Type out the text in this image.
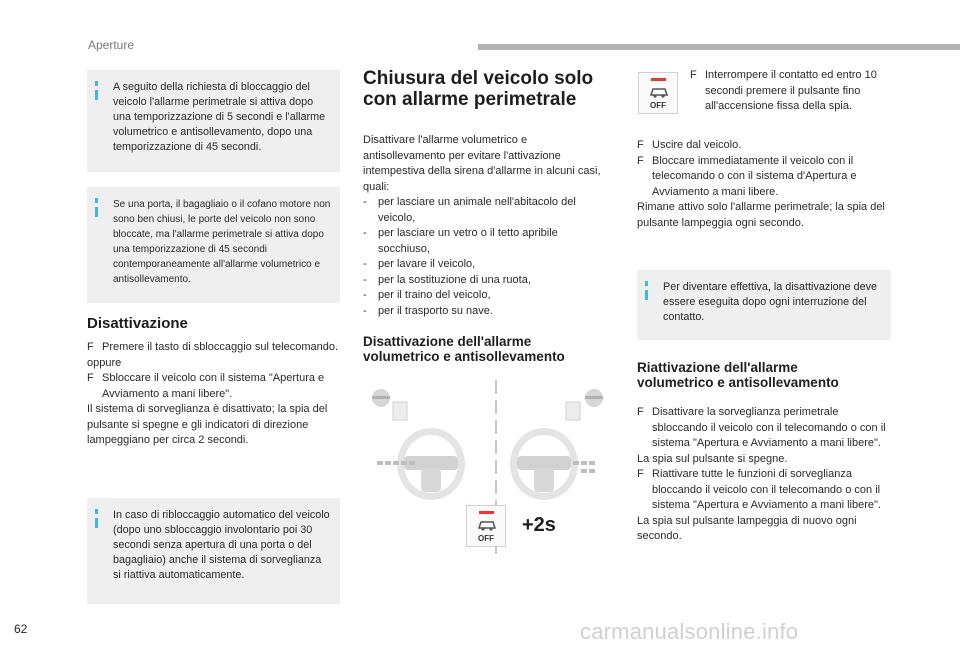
Aperture
A seguito della richiesta di bloccaggio del veicolo l'allarme perimetrale si attiva dopo una temporizzazione di 5 secondi e l'allarme volumetrico e antisollevamento, dopo una temporizzazione di 45 secondi.
Se una porta, il bagagliaio o il cofano motore non sono ben chiusi, le porte del veicolo non sono bloccate, ma l'allarme perimetrale si attiva dopo una temporizzazione di 45 secondi contemporaneamente all'allarme volumetrico e antisollevamento.
Disattivazione
F Premere il tasto di sbloccaggio sul telecomando.

oppure

F Sbloccare il veicolo con il sistema "Apertura e Avviamento a mani libere".

Il sistema di sorveglianza è disattivato; la spia del pulsante si spegne e gli indicatori di direzione lampeggiano per circa 2 secondi.

In caso di ribloccaggio automatico del veicolo (dopo uno sbloccaggio involontario poi 30 secondi senza apertura di una porta o del bagagliaio) anche il sistema di sorveglianza si riattiva automaticamente.
Chiusura del veicolo solo
con allarme perimetrale

Disattivare l'allarme volumetrico e antisollevamento per evitare l'attivazione intempestiva della sirena d'allarme in alcuni casi, quali:

- per lasciare un animale nell'abitacolo del veicolo,
- per lasciare un vetro o il tetto apribile socchiuso,
- per lavare il veicolo,
- per la sostituzione di una ruota,
- per il traino del veicolo,
- per il trasporto su nave.
Disattivazione dell'allarme
volumetrico e antisollevamento
OFF
+2s
OFF
F Interrompere il contatto ed entro 10 secondi premere il pulsante fino all'accensione fissa della spia.
F Uscire dal veicolo.
F Bloccare immediatamente il veicolo con il telecomando o con il sistema d'Apertura e Avviamento a mani libere.

Rimane attivo solo l'allarme perimetrale; la spia del pulsante lampeggia ogni secondo.

Per diventare effettiva, la disattivazione deve essere eseguita dopo ogni interruzione del contatto.
Riattivazione dell'allarme
volumetrico e antisollevamento
F Disattivare la sorveglianza perimetrale sbloccando il veicolo con il telecomando o con il sistema "Apertura e Avviamento a mani libere".

La spia sul pulsante si spegne.

F Riattivare tutte le funzioni di sorveglianza bloccando il veicolo con il telecomando o con il sistema "Apertura e Avviamento a mani libere".

La spia sul pulsante lampeggia di nuovo ogni secondo.

62	carmanualsonline.info
